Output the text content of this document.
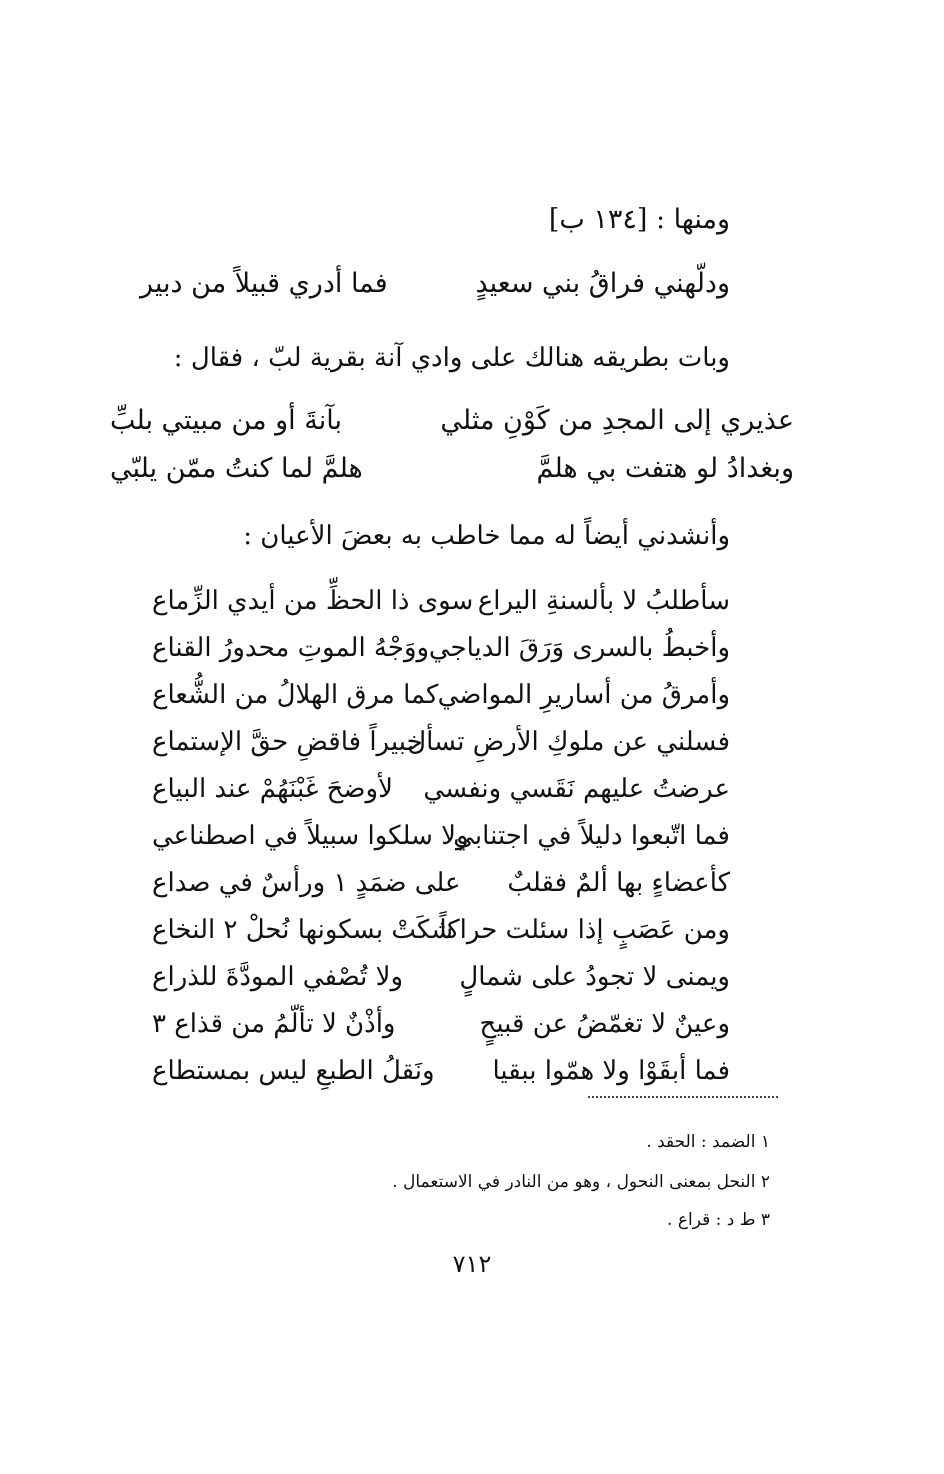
ومنها : [١٣٤ ب]
ودلّهني فراقُ بني سعيدٍ
فما أدري قبيلاً من دبير
وبات بطريقه هنالك على وادي آنة بقرية لبّ ، فقال :
عذيري إلى المجدِ من كَوْنِ مثلي
بآنةَ أو من مبيتي بلبِّ
وبغدادُ لو هتفت بي هلمَّ
هلمَّ لما كنتُ ممّن يلبّي
وأنشدني أيضاً له مما خاطب به بعضَ الأعيان :
سأطلبُ لا بألسنةِ اليراع
سوى ذا الحظِّ من أيدي الزِّماع
وأخبطُ بالسرى وَرَقَ الدياجي
ووَجْهُ الموتِ محدورُ القناع
وأمرقُ من أساريرِ المواضي
كما مرق الهلالُ من الشُّعاع
فسلني عن ملوكِ الأرضِ تسأل
خبيراً فاقضِ حقَّ الإستماع
عرضتُ عليهم نَقَسي ونفسي
لأوضحَ غَبْنَهُمْ عند البياع
فما اتّبعوا دليلاً في اجتنابي
ولا سلكوا سبيلاً في اصطناعي
كأعضاءٍ بها ألمٌ فقلبٌ
على ضمَدٍ ١ ورأسٌ في صداع
ومن عَصَبٍ إذا سئلت حراكاً
شكَتْ بسكونها نُحلْ ٢ النخاع
ويمنى لا تجودُ على شمالٍ
ولا تُصْفي المودَّةَ للذراع
وعينٌ لا تغمّضُ عن قبيحٍ
وأذْنٌ لا تألّمُ من قذاع ٣
فما أبقَوْا ولا همّوا ببقيا
ونَقلُ الطبعِ ليس بمستطاع
١ الضمد : الحقد .
٢ النحل بمعنى النحول ، وهو من النادر في الاستعمال .
٣ ط د : قراع .
٧١٢
